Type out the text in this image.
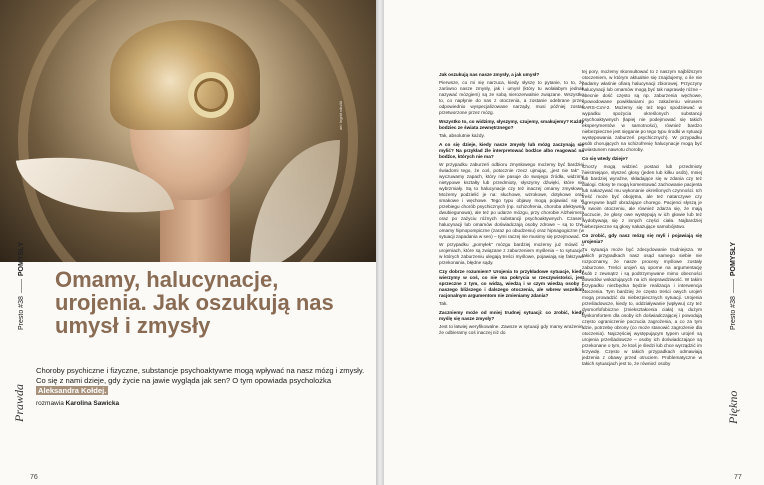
art: Ingrid vdn/AI
Presto #38POMYSŁY
Prawda
Omamy, halucynacje, urojenia. Jak oszukują nas umysł i zmysły

Choroby psychiczne i fizyczne, substancje psychoaktywne mogą wpływać na nasz mózg i zmysły. Co się z nami dzieje, gdy życie na jawie wygląda jak sen? O tym opowiada psycholożka Aleksandra Kołdej.

rozmawia Karolina Sawicka

76

Jak oszukują nas nasze zmysły, a jak umysł?

Pierwsze, co mi się narzuca, kiedy słyszę to pytanie, to to, że zarówno nasze zmysły, jak i umysł (który tu wolałabym jednak nazywać mózgiem) są ze sobą nierozerwalnie związane. Wszystko to, co napłynie do nas z otoczenia, a zostanie odebrane przez odpowiednio wyspecjalizowane narządy, musi później zostać przetworzone przez mózg.

Wszystko to, co widzimy, słyszymy, czujemy, smakujemy? Każdy bodziec ze świata zewnętrznego?

Tak, absolutnie każdy.

A co się dzieje, kiedy nasze zmysły lub mózg zaczynają się mylić? Na przykład źle interpretować bodźce albo reagować na bodźce, których nie ma?

W przypadku zaburzeń odbioru zmysłowego możemy być bardziej świadomi tego, że coś, potocznie rzecz ujmując, „jest nie tak” – wyczuwamy zapach, który nie pasuje do swojego źródła, widzimy nietypowe kształty lub przedmioty, słyszymy dźwięki, które nie wybrzmiały. Są to halucynacje czy też inaczej omamy zmysłowe. Możemy podzielić je na: słuchowe, wzrokowe, dotykowe oraz smakowe i węchowe. Tego typu objawy mogą pojawiać się w przebiegu chorób psychicznych (np. schizofrenia, choroba afektywna dwubiegunowa), ale też po udarze mózgu, przy chorobie Alzheimera oraz po zażyciu różnych substancji psychoaktywnych. Czasem halucynacji lub omamów doświadczają osoby zdrowe – są to tzw. omamy hipnopompiczne (zaraz po obudzeniu) oraz hipnagogiczne (w sytuacji zapadania w sen) – tymi raczej nie musimy się przejmować.

W przypadku „pomyłek” mózgu bardziej możemy już mówić o urojeniach, które są związane z zaburzeniem myślenia – to sytuacje, w których zaburzeniu ulegają treści myślowe, pojawiają się fałszywe przekonania, błędne sądy.

Czy dobrze rozumiem? Urojenia to przykładowe sytuacje, kiedy wierzymy w coś, co nie ma pokrycia w rzeczywistości, jest sprzeczne z tym, co widzą, wiedzą i w czym wiedzą osoby z naszego bliższego i dalszego otoczenia, ale wbrew wszelkim racjonalnym argumentom nie zmieniamy zdania?

Tak.

Zaczniemy może od mniej trudnej sytuacji: co zrobić, kiedy myślę się nasze zmysły?

Jest to łatwiej weryfikowalne. Zawsze w sytuacji gdy mamy wrażenie, że odbieramy coś inaczej niż do

tej pory, możemy skonsultować to z naszym najbliższym otoczeniem, w którym aktualnie się znajdujemy, o ile nie padamy właśnie ofiarą halucynacji zbiorowej. Przyczyny halucynacji lub omamów mogą być tak naprawdę różne – obecnie dość często są np. zaburzenia węchowe, spowodowane powikłaniami po zakażeniu wirusem SARS-CoV-2. Możemy się też tego spodziewać w wypadku spożycia określonych substancji psychoaktywnych (łapiej nie podejmować się takich eksperymentów w samotności), również bardzo niebezpieczne jest sięganie po tego typu środki w sytuacji występowania zaburzeń psychicznych). W przypadku osób chorujących na schizofrenię halucynacje mogą być zwiastunem nawrotu choroby.

Co się wtedy dzieje?

Chorzy mogą widzieć postaci lub przedmioty nieistniejące, słyszeć głosy (jeden lub kilku osób), mniej lub bardziej wyraźne, składające się w zdania czy też dialogi. Głosy te mogą komentować zachowanie pacjenta lub nakazywać mu wykonanie określonych czynności. Ich treść może być obojętna, ale też natarczywe czy agresywne bądź obrażające chorego. Pacjenci słyszą je w swoim otoczeniu, ale również zdarza się, że mają poczucie, że głosy owe występują w ich głowie lub też wydobywają się z innych części ciała. Najbardziej niebezpieczne są głosy nakazujące samobójstwo.

Co zrobić, gdy nasz mózg się myli i pojawiają się urojenia?

Tu sytuacja może być zdecydowanie trudniejsza. W takich przypadkach nasz osąd samego siebie nie rozpoznamy, że nasze procesy myślowe zostały zaburzone. Treści urojeń są oporne na argumentację osób z zewnątrz i są podtrzymywane mimo obecności dowodów wskazujących na ich nieprawdziwość. W takim przypadku niezbędna będzie realizacja i interwencja otoczenia. Tym bardziej że często treści owych urojeń mogą prowadzić do niebezpiecznych sytuacji. Urojenia prześladowcze, kiedy to, oddziaływanie (wpływu) czy też dysmorfofobiczne (zniekształcenia ciała) są dużym dyskomfortem dla osoby ich doświadczającej i powodują często ograniczenie poczucia zagrożenia, a co za tym idzie, potrzebę obrony (co może stanowić zagrożenie dla otoczenia). Najczęściej występującym typem urojeń są urojenia prześladowcze – osoby ich doświadczające są przekonane o tym, że ktoś je śledzi lub chce wyrządzić im krzywdę. Często w takich przypadkach odmawiają jedzenia z obawy przed otruciem. Problematyczne w takich sytuacjach jest to, że również osoby

Presto #38POMYSŁY
Piękno
77
